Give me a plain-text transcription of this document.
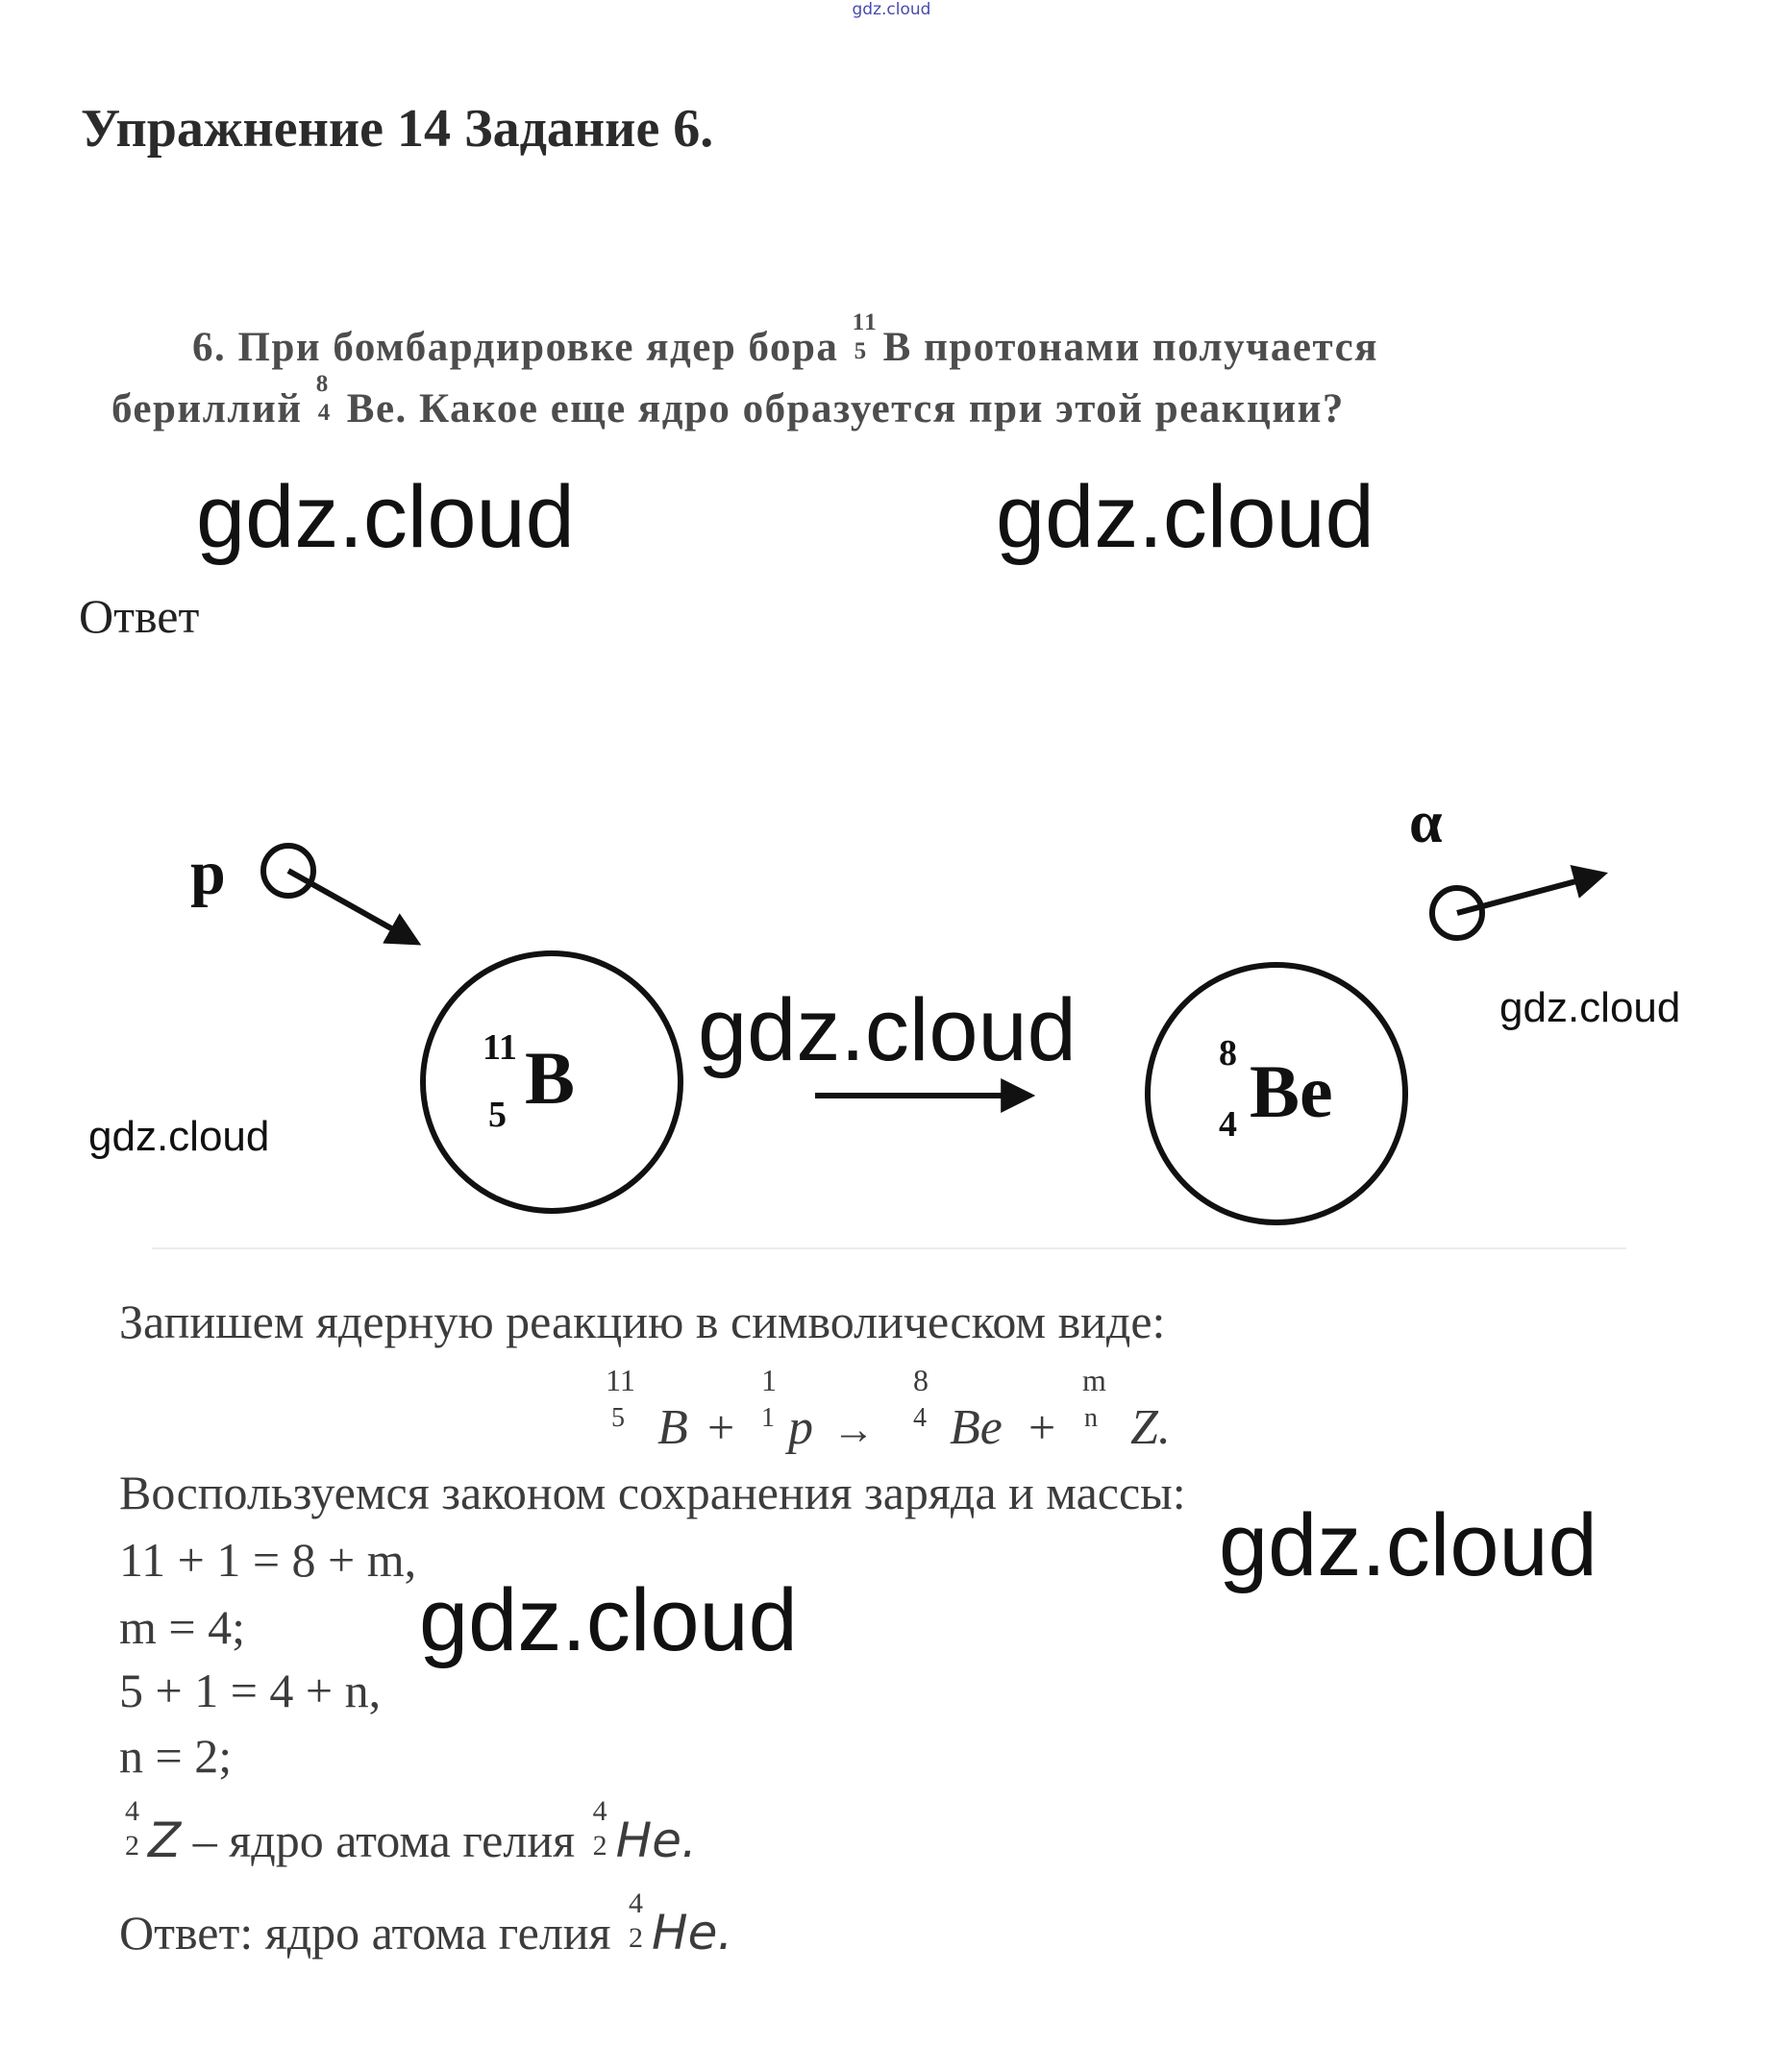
gdz.cloud
Упражнение 14 Задание 6.
6. При бомбардировке ядер бора
11
5 B протонами получается
бериллий
8
4 Be. Какое еще ядро образуется при этой реакции?
gdz.cloud	gdz.cloud
Ответ
p
11
5 B	8
4 Be
α
gdz.cloud	gdz.cloud
gdz.cloud
Запишем ядерную реакцию в символическом виде:
11
5 B +
1
1 p →
8
4 Be +
m
n Z.
Воспользуемся законом сохранения заряда и массы:
gdz.cloud
11 + 1 = 8 + m,
m = 4; gdz.cloud
5 + 1 = 4 + n,
n = 2;
4
2 Z – ядро атома гелия
4
2 He.
Ответ: ядро атома гелия
4
2 He.
